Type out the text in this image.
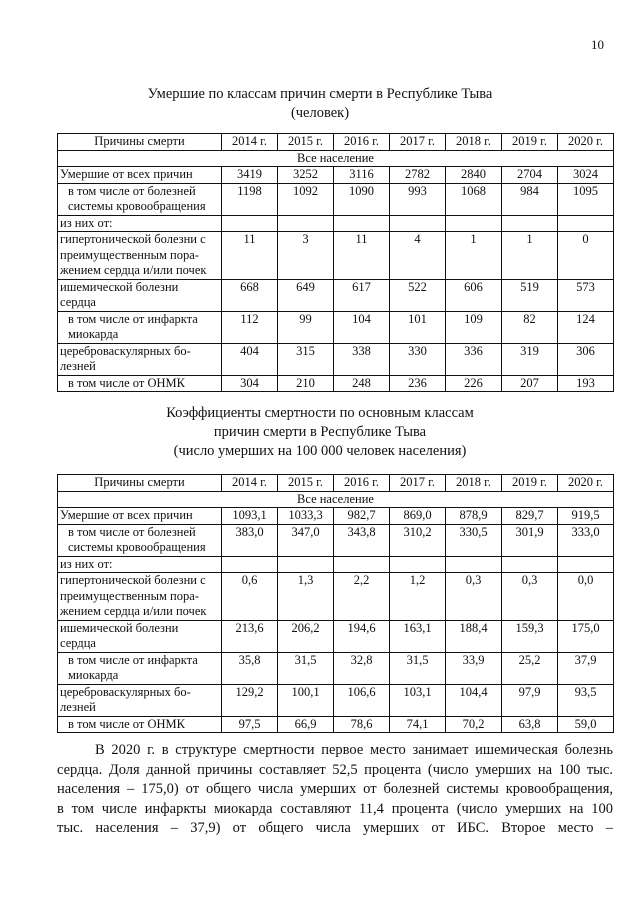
10
Умершие по классам причин смерти в Республике Тыва
(человек)
Причины смерти	2014 г.	2015 г.	2016 г.	2017 г.	2018 г.	2019 г.	2020 г.
Все население							

Умершие от всех причин	3419	3252	3116	2782	2840	2704	3024

в том числе от болезней
системы кровообращения	1198	1092	1090	993	1068	984	1095

из них от:							

гипертонической болезни с
преимущественным пора-
жением сердца и/или почек	11	3	11	4	1	1	0

ишемической болезни
сердца	668	649	617	522	606	519	573

в том числе от инфаркта
миокарда	112	99	104	101	109	82	124

цереброваскулярных бо-
лезней	404	315	338	330	336	319	306

в том числе от ОНМК	304	210	248	236	226	207	193
Коэффициенты смертности по основным классам
причин смерти в Республике Тыва
(число умерших на 100 000 человек населения)
Причины смерти	2014 г.	2015 г.	2016 г.	2017 г.	2018 г.	2019 г.	2020 г.
Все население							

Умершие от всех причин	1093,1	1033,3	982,7	869,0	878,9	829,7	919,5

в том числе от болезней
системы кровообращения	383,0	347,0	343,8	310,2	330,5	301,9	333,0

из них от:							

гипертонической болезни с
преимущественным пора-
жением сердца и/или почек	0,6	1,3	2,2	1,2	0,3	0,3	0,0

ишемической болезни
сердца	213,6	206,2	194,6	163,1	188,4	159,3	175,0

в том числе от инфаркта
миокарда	35,8	31,5	32,8	31,5	33,9	25,2	37,9

цереброваскулярных бо-
лезней	129,2	100,1	106,6	103,1	104,4	97,9	93,5

в том числе от ОНМК	97,5	66,9	78,6	74,1	70,2	63,8	59,0
В 2020 г. в структуре смертности первое место занимает ишемическая болезнь
сердца. Доля данной причины составляет 52,5 процента (число умерших на 100 тыс.
населения – 175,0) от общего числа умерших от болезней системы кровообращения,
в том числе инфаркты миокарда составляют 11,4 процента (число умерших на 100
тыс. населения – 37,9) от общего числа умерших от ИБС. Второе место –
